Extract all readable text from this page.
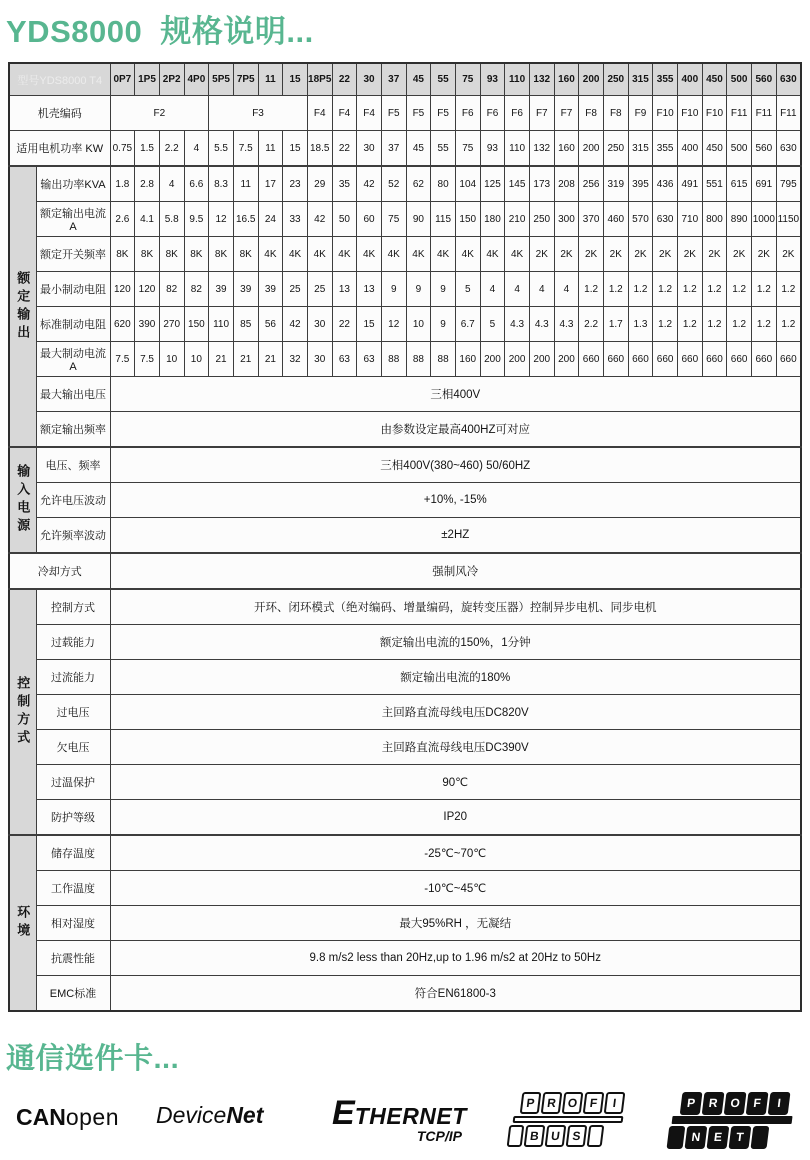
YDS8000  规格说明...
型号YDS8000 T4		0P7	1P5	2P2	4P0	5P5	7P5	11	15	18P5	22	30	37	45	55	75	93	110	132	160	200	250	315	355	400	450	500	560	630
机壳编码		F2				F3				F4	F4	F4	F5	F5	F5	F6	F6	F6	F7	F7	F8	F8	F9	F10	F10	F10	F11	F11	F11
适用电机功率 KW		0.75	1.5	2.2	4	5.5	7.5	11	15	18.5	22	30	37	45	55	75	93	110	132	160	200	250	315	355	400	450	500	560	630
额定输出	输出功率KVA	1.8	2.8	4	6.6	8.3	11	17	23	29	35	42	52	62	80	104	125	145	173	208	256	319	395	436	491	551	615	691	795
	额定输出电流A	2.6	4.1	5.8	9.5	12	16.5	24	33	42	50	60	75	90	115	150	180	210	250	300	370	460	570	630	710	800	890	1000	1150
	额定开关频率	8K	8K	8K	8K	8K	8K	4K	4K	4K	4K	4K	4K	4K	4K	4K	4K	4K	2K	2K	2K	2K	2K	2K	2K	2K	2K	2K	2K
	最小制动电阻	120	120	82	82	39	39	39	25	25	13	13	9	9	9	5	4	4	4	4	1.2	1.2	1.2	1.2	1.2	1.2	1.2	1.2	1.2
	标准制动电阻	620	390	270	150	110	85	56	42	30	22	15	12	10	9	6.7	5	4.3	4.3	4.3	2.2	1.7	1.3	1.2	1.2	1.2	1.2	1.2	1.2
	最大制动电流A	7.5	7.5	10	10	21	21	21	32	30	63	63	88	88	88	160	200	200	200	200	660	660	660	660	660	660	660	660	660
	最大输出电压	三相400V																											
	额定输出频率	由参数设定最高400HZ可对应																											
输入电源	电压、频率	三相400V(380~460) 50/60HZ																											
	允许电压波动	+10%, -15%																											
	允许频率波动	±2HZ																											
冷却方式		强制风冷																											
控制方式	控制方式	开环、闭环模式（绝对编码、增量编码，旋转变压器）控制异步电机、同步电机																											
	过载能力	额定输出电流的150%，1分钟																											
	过流能力	额定输出电流的180%																											
	过电压	主回路直流母线电压DC820V																											
	欠电压	主回路直流母线电压DC390V																											
	过温保护	90℃																											
	防护等级	IP20																											
环境	储存温度	-25℃~70℃																											
	工作温度	-10℃~45℃																											
	相对湿度	最大95%RH ，无凝结																											
	抗震性能	9.8 m/s2 less than 20Hz,up to 1.96 m/s2 at 20Hz to 50Hz																											
	EMC标准	符合EN61800-3																											
通信选件卡...
CANopen DeviceNet ETHERNET
TCP/IP
P R O F	I
B U S
P R O F	I
N E	T
